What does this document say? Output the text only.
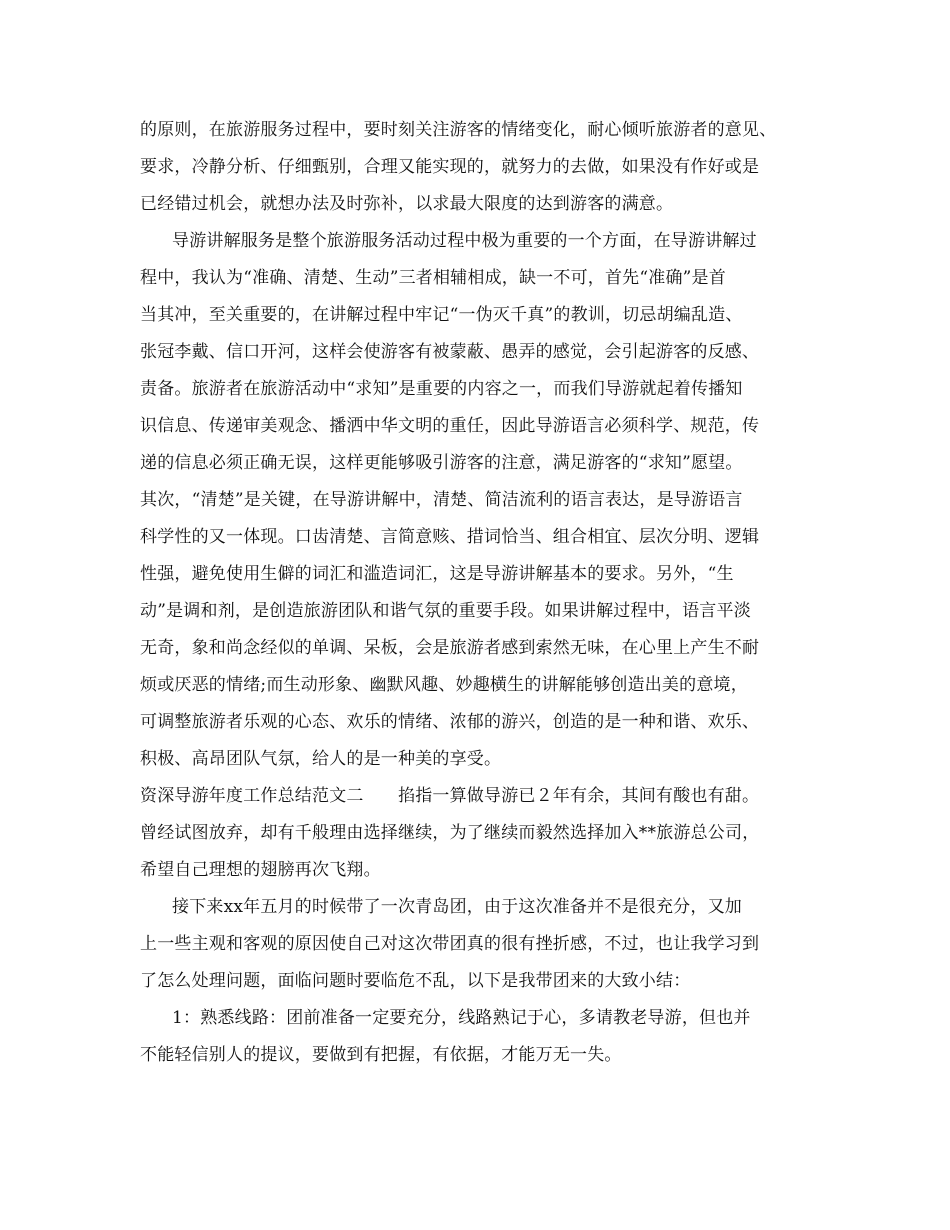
的原则，在旅游服务过程中，要时刻关注游客的情绪变化，耐心倾听旅游者的意见、
要求，冷静分析、仔细甄别，合理又能实现的，就努力的去做，如果没有作好或是
已经错过机会，就想办法及时弥补，以求最大限度的达到游客的满意。
导游讲解服务是整个旅游服务活动过程中极为重要的一个方面，在导游讲解过
程中，我认为“准确、清楚、生动”三者相辅相成，缺一不可，首先“准确”是首
当其冲，至关重要的，在讲解过程中牢记“一伪灭千真”的教训，切忌胡编乱造、
张冠李戴、信口开河，这样会使游客有被蒙蔽、愚弄的感觉，会引起游客的反感、
责备。旅游者在旅游活动中“求知”是重要的内容之一，而我们导游就起着传播知
识信息、传递审美观念、播洒中华文明的重任，因此导游语言必须科学、规范，传
递的信息必须正确无误，这样更能够吸引游客的注意，满足游客的“求知”愿望。
其次，“清楚”是关键，在导游讲解中，清楚、简洁流利的语言表达，是导游语言
科学性的又一体现。口齿清楚、言简意赅、措词恰当、组合相宜、层次分明、逻辑
性强，避免使用生僻的词汇和滥造词汇，这是导游讲解基本的要求。另外，“生
动”是调和剂，是创造旅游团队和谐气氛的重要手段。如果讲解过程中，语言平淡
无奇，象和尚念经似的单调、呆板，会是旅游者感到索然无味，在心里上产生不耐
烦或厌恶的情绪;而生动形象、幽默风趣、妙趣横生的讲解能够创造出美的意境，
可调整旅游者乐观的心态、欢乐的情绪、浓郁的游兴，创造的是一种和谐、欢乐、
积极、高昂团队气氛，给人的是一种美的享受。
资深导游年度工作总结范文二　　掐指一算做导游已２年有余，其间有酸也有甜。
曾经试图放弃，却有千般理由选择继续，为了继续而毅然选择加入**旅游总公司，
希望自己理想的翅膀再次飞翔。
接下来xx年五月的时候带了一次青岛团，由于这次准备并不是很充分，又加
上一些主观和客观的原因使自己对这次带团真的很有挫折感，不过，也让我学习到
了怎么处理问题，面临问题时要临危不乱，以下是我带团来的大致小结：
1：熟悉线路：团前准备一定要充分，线路熟记于心，多请教老导游，但也并
不能轻信别人的提议，要做到有把握，有依据，才能万无一失。
